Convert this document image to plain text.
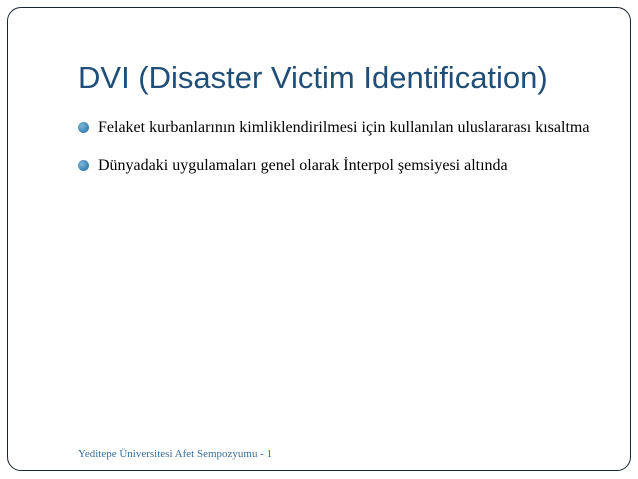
DVI (Disaster Victim Identification)
Felaket kurbanlarının kimliklendirilmesi için kullanılan uluslararası kısaltma
Dünyadaki uygulamaları genel olarak İnterpol şemsiyesi altında
Yeditepe Üniversitesi Afet Sempozyumu - 1
